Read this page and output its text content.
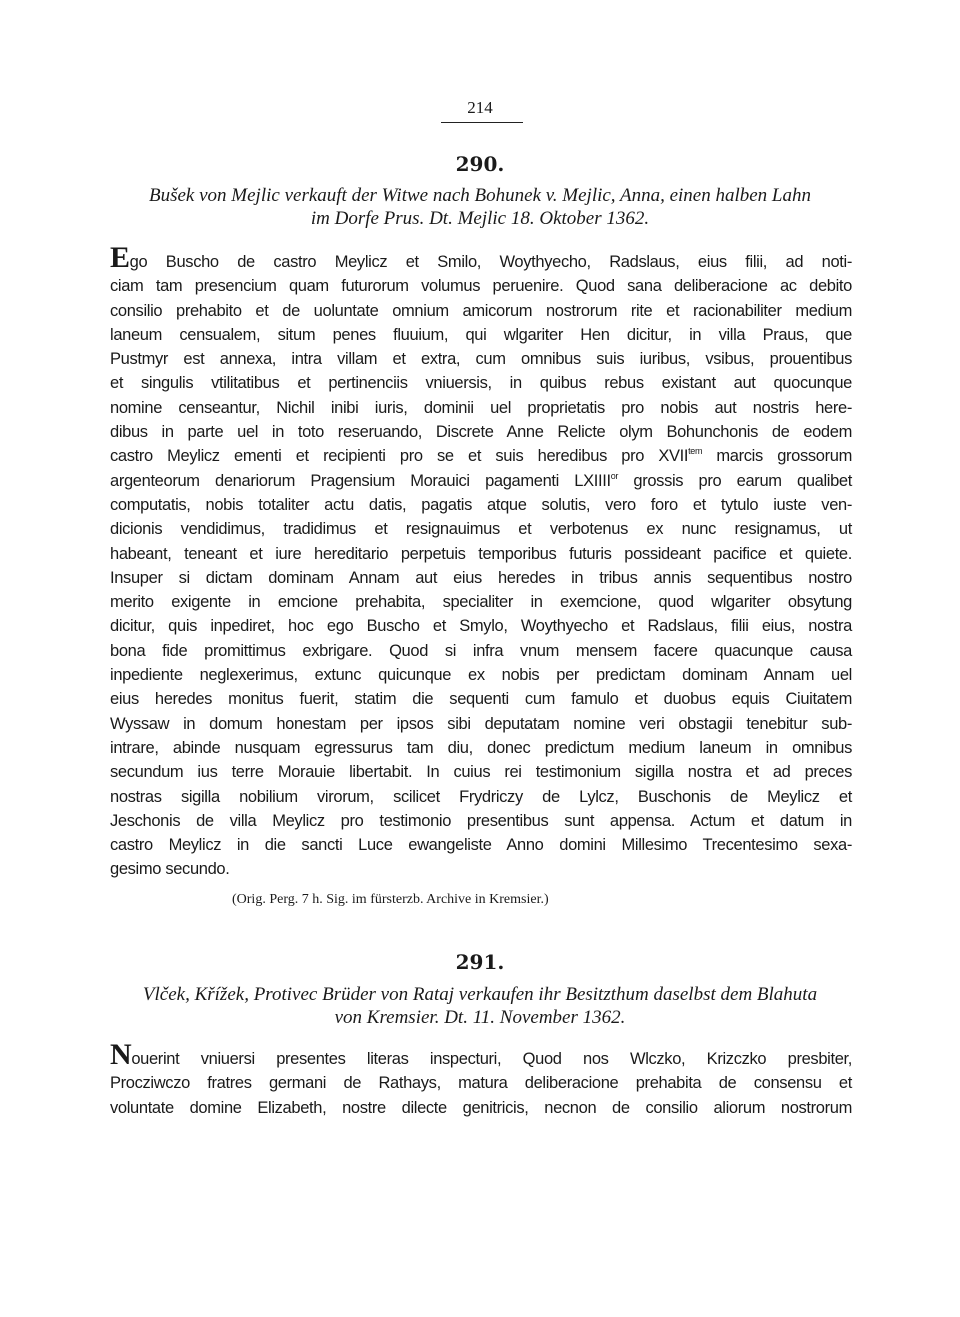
214
290.
Bušek von Mejlic verkauft der Witwe nach Bohunek v. Mejlic, Anna, einen halben Lahn
im Dorfe Prus. Dt. Mejlic 18. Oktober 1362.
Ego Buscho de castro Meylicz et Smilo, Woythyecho, Radslaus, eius filii, ad noti-
ciam tam presencium quam futurorum volumus peruenire. Quod sana deliberacione ac debito
consilio prehabito et de uoluntate omnium amicorum nostrorum rite et racionabiliter medium
laneum censualem, situm penes fluuium, qui wlgariter Hen dicitur, in villa Praus, que
Pustmyr est annexa, intra villam et extra, cum omnibus suis iuribus, vsibus, prouentibus
et singulis vtilitatibus et pertinenciis vniuersis, in quibus rebus existant aut quocunque
nomine censeantur, Nichil inibi iuris, dominii uel proprietatis pro nobis aut nostris here-
dibus in parte uel in toto reseruando, Discrete Anne Relicte olym Bohunchonis de eodem
castro Meylicz ementi et recipienti pro se et suis heredibus pro $XVII^{tem}$ marcis grossorum
argenteorum denariorum Pragensium Morauici pagamenti $LXIIII^{or}$ grossis pro earum qualibet
computatis, nobis totaliter actu datis, pagatis atque solutis, vero foro et tytulo iuste ven-
dicionis vendidimus, tradidimus et resignauimus et verbotenus ex nunc resignamus, ut
habeant, teneant et iure hereditario perpetuis temporibus futuris possideant pacifice et quiete.
Insuper si dictam dominam Annam aut eius heredes in tribus annis sequentibus nostro
merito exigente in emcione prehabita, specialiter in exemcione, quod wlgariter obsytung
dicitur, quis inpediret, hoc ego Buscho et Smylo, Woythyecho et Radslaus, filii eius, nostra
bona fide promittimus exbrigare. Quod si infra vnum mensem facere quacunque causa
inpediente neglexerimus, extunc quicunque ex nobis per predictam dominam Annam uel
eius heredes monitus fuerit, statim die sequenti cum famulo et duobus equis Ciuitatem
Wyssaw in domum honestam per ipsos sibi deputatam nomine veri obstagii tenebitur sub-
intrare, abinde nusquam egressurus tam diu, donec predictum medium laneum in omnibus
secundum ius terre Morauie libertabit. In cuius rei testimonium sigilla nostra et ad preces
nostras sigilla nobilium virorum, scilicet Frydriczy de Lylcz, Buschonis de Meylicz et
Jeschonis de villa Meylicz pro testimonio presentibus sunt appensa. Actum et datum in
castro Meylicz in die sancti Luce ewangeliste Anno domini Millesimo Trecentesimo sexa-
gesimo secundo.
(Orig. Perg. 7 h. Sig. im fürsterzb. Archive in Kremsier.)
291.
Vlček, Křížek, Protivec Brüder von Rataj verkaufen ihr Besitzthum daselbst dem Blahuta
von Kremsier. Dt. 11. November 1362.
Nouerint vniuersi presentes literas inspecturi, Quod nos Wlczko, Krizczko presbiter,
Procziwczo fratres germani de Rathays, matura deliberacione prehabita de consensu et
voluntate domine Elizabeth, nostre dilecte genitricis, necnon de consilio aliorum nostrorum
